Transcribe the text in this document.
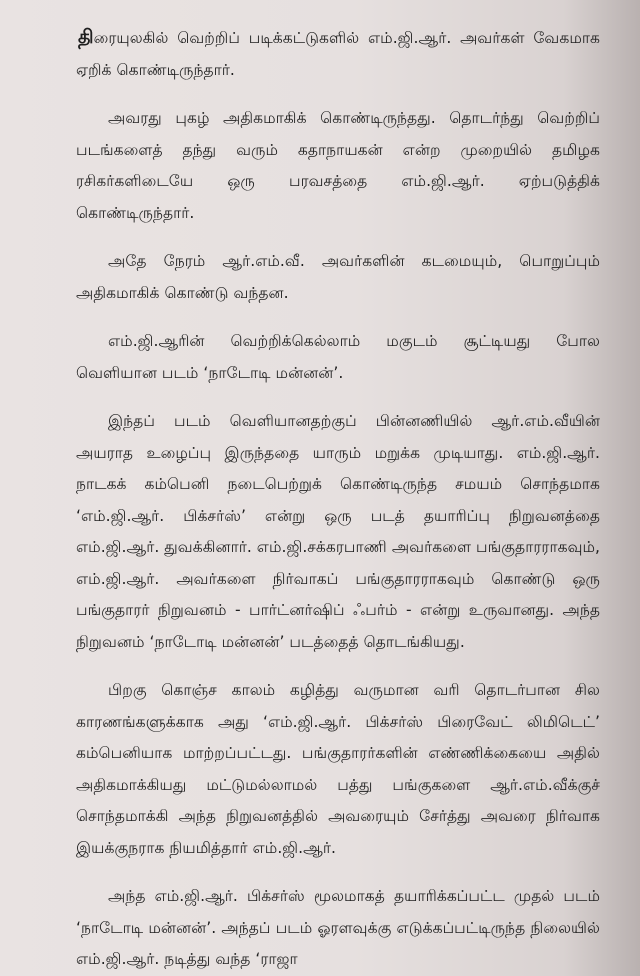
திரையுலகில் வெற்றிப் படிக்கட்டுகளில் எம்.ஜி.ஆர். அவர்கள் வேகமாக ஏறிக் கொண்டிருந்தார்.

அவரது புகழ் அதிகமாகிக் கொண்டிருந்தது. தொடர்ந்து வெற்றிப் படங்களைத் தந்து வரும் கதாநாயகன் என்ற முறையில் தமிழக ரசிகர்களிடையே ஒரு பரவசத்தை எம்.ஜி.ஆர். ஏற்படுத்திக் கொண்டிருந்தார்.

அதே நேரம் ஆர்.எம்.வீ. அவர்களின் கடமையும், பொறுப்பும் அதிகமாகிக் கொண்டு வந்தன.

எம்.ஜி.ஆரின் வெற்றிக்கெல்லாம் மகுடம் சூட்டியது போல வெளியான படம் ‘நாடோடி மன்னன்’.

இந்தப் படம் வெளியானதற்குப் பின்னணியில் ஆர்.எம்.வீயின் அயராத உழைப்பு இருந்ததை யாரும் மறுக்க முடியாது. எம்.ஜி.ஆர். நாடகக் கம்பெனி நடைபெற்றுக் கொண்டிருந்த சமயம் சொந்தமாக ‘எம்.ஜி.ஆர். பிக்சர்ஸ்’ என்று ஒரு படத் தயாரிப்பு நிறுவனத்தை எம்.ஜி.ஆர். துவக்கினார். எம்.ஜி.சக்கரபாணி அவர்களை பங்குதாரராகவும், எம்.ஜி.ஆர். அவர்களை நிர்வாகப் பங்குதாரராகவும் கொண்டு ஒரு பங்குதாரர் நிறுவனம் - பார்ட்னர்ஷிப் ஃபர்ம் - என்று உருவானது. அந்த நிறுவனம் ‘நாடோடி மன்னன்’ படத்தைத் தொடங்கியது.

பிறகு கொஞ்ச காலம் கழித்து வருமான வரி தொடர்பான சில காரணங்களுக்காக அது ‘எம்.ஜி.ஆர். பிக்சர்ஸ் பிரைவேட் லிமிடெட்’ கம்பெனியாக மாற்றப்பட்டது. பங்குதாரர்களின் எண்ணிக்கையை அதில் அதிகமாக்கியது மட்டுமல்லாமல் பத்து பங்குகளை ஆர்.எம்.வீக்குச் சொந்தமாக்கி அந்த நிறுவனத்தில் அவரையும் சேர்த்து அவரை நிர்வாக இயக்குநராக நியமித்தார் எம்.ஜி.ஆர்.

அந்த எம்.ஜி.ஆர். பிக்சர்ஸ் மூலமாகத் தயாரிக்கப்பட்ட முதல் படம் ‘நாடோடி மன்னன்’. அந்தப் படம் ஓரளவுக்கு எடுக்கப்பட்டிருந்த நிலையில் எம்.ஜி.ஆர். நடித்து வந்த ‘ராஜா
